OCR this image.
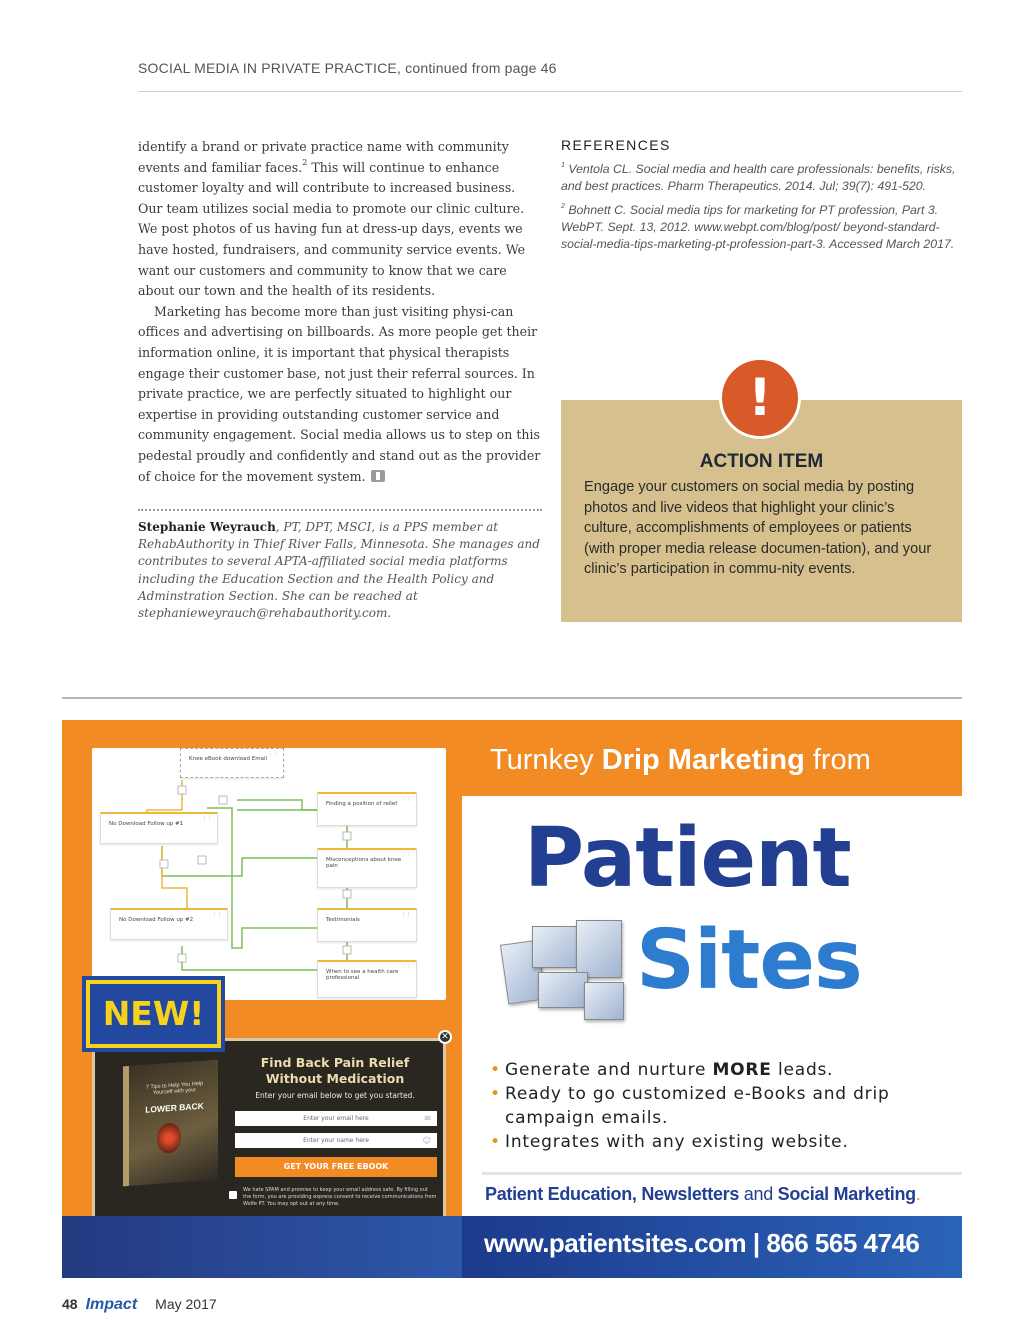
SOCIAL MEDIA IN PRIVATE PRACTICE, continued from page 46

identify a brand or private practice name with community events and familiar faces.$^2$ This will continue to enhance customer loyalty and will contribute to increased business. Our team utilizes social media to promote our clinic culture. We post photos of us having fun at dress-up days, events we have hosted, fundraisers, and community service events. We want our customers and community to know that we care about our town and the health of its residents.

Marketing has become more than just visiting physi-can offices and advertising on billboards. As more people get their information online, it is important that physical therapists engage their customer base, not just their referral sources. In private practice, we are perfectly situated to highlight our expertise in providing outstanding customer service and community engagement. Social media allows us to step on this pedestal proudly and confidently and stand out as the provider of choice for the movement system.

Stephanie Weyrauch, PT, DPT, MSCI, is a PPS member at RehabAuthority in Thief River Falls, Minnesota. She manages and contributes to several APTA-affiliated social media platforms including the Education Section and the Health Policy and Adminstration Section. She can be reached at stephanieweyrauch@rehabauthority.com.
REFERENCES
$^1$ Ventola CL. Social media and health care professionals: benefits, risks, and best practices. Pharm Therapeutics. 2014. Jul; 39(7): 491-520.
$^2$ Bohnett C. Social media tips for marketing for PT profession, Part 3. WebPT. Sept. 13, 2012. www.webpt.com/blog/post/ beyond-standard-social-media-tips-marketing-pt-profession-part-3. Accessed March 2017.
!
ACTION ITEM
Engage your customers on social media by posting photos and live videos that highlight your clinic’s culture, accomplishments of employees or patients (with proper media release documen-tation), and your clinic’s participation in commu-nity events.
Turnkey Drip Marketing from
Knee eBook download Email
⋮⋮
Finding a position of relief
⋮⋮
No Download Follow up #1
⋮⋮
Misconceptions about knee pain
⋮⋮
No Download Follow up #2
⋮⋮
Testimonials
⋮⋮
When to see a health care professional
⋮⋮
7 Tips to Help You Help Yourself with your
LOWER BACK
Find Back Pain Relief Without Medication
Enter your email below to get you started.
Enter your email here	✉
Enter your name here	☺
GET YOUR FREE EBOOK
We hate SPAM and promise to keep your email address safe. By filling out the form, you are providing express consent to receive communications from Wolfe PT. You may opt out at any time.
✕
NEW!
Patient
Sites
• Generate and nurture MORE leads.
• Ready to go customized e-Books and drip campaign emails.
• Integrates with any existing website.
Patient Education, Newsletters and Social Marketing.
www.patientsites.com | 866 565 4746
48 Impact May 2017
